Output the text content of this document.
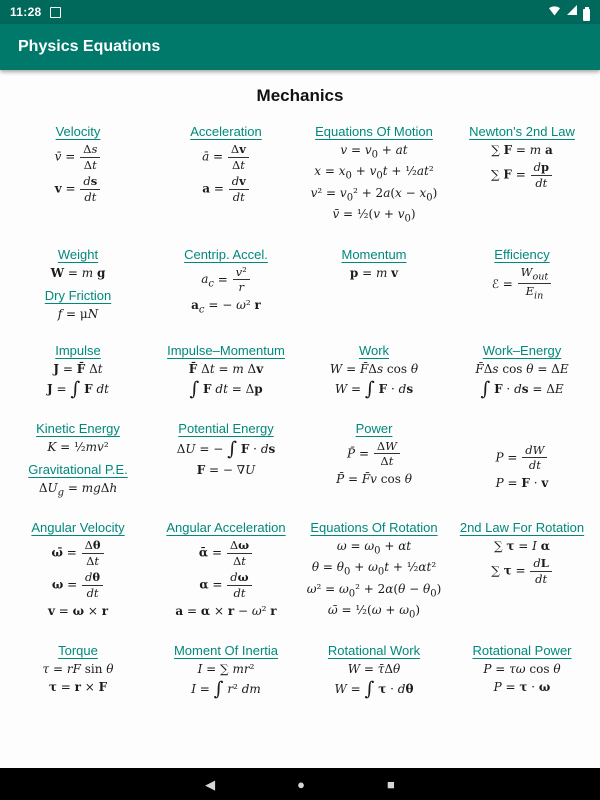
11:28
Physics Equations
Mechanics
Velocity
v̄ = $\frac{\Delta s}{\Delta t}$
$v = \frac{ds}{dt}$
Acceleration
ā = $\frac{\Delta v}{\Delta t}$
$a = \frac{dv}{dt}$
Equations Of Motion
$v = v_0$ + at
$x = x_0 + v_0t$ + ½at²
$v^2 = v_0^2 + 2a(x - x_0)$
v̄ = ½(v + $v_0$)
Newton's 2nd Law
∑ F = m a
∑ $F = \frac{dp}{dt}$
Weight
W = m g
Dry Friction
f = μN
Centrip. Accel.
$a_c = \frac{\text{v²}}{r}$
$a_c$ = − ω² r
Momentum
p = m v
Efficiency
ℰ =
$W_{out}$
$E_{in}$
Impulse
J = F̄ Δt
J = ∫ F dt
Impulse–Momentum
F̄ Δt = m Δv
∫ F dt = Δp
Work
W = F̄Δs cos θ
W = ∫ F · ds
Work–Energy
F̄Δs cos θ = ΔE
∫ F · ds = ΔE
Kinetic Energy
K = ½mv²
Gravitational P.E.
$\Delta U_g = mg\Delta h$
Potential Energy
ΔU = − ∫ F · ds
F = − ∇U
Power
P̄ = $\frac{\Delta W}{\Delta t}$
P̄ = F̄v cos θ
$P = \frac{dW}{dt}$
P = F · v
Angular Velocity
ω̄ = $\frac{\Delta\theta}{\Delta t}$
$\omega = \frac{d\theta}{dt}$
v = ω × r
Angular Acceleration
ᾱ = $\frac{\Delta\omega}{\Delta t}$
$\alpha = \frac{d\omega}{dt}$
a = α × r − ω² r
Equations Of Rotation
$\omega = \omega_0 + \alpha t$
$\theta = \theta_0 + \omega_0t$ + ½αt²
$\omega^2 = \omega_0^2 + 2\alpha(\theta - \theta_0)$
ω̄ = ½(ω + $\omega_0$)
2nd Law For Rotation
∑ τ = I α
∑ $\tau = \frac{dL}{dt}$
Torque
τ = rF sin θ
τ = r × F
Moment Of Inertia
I = ∑ mr²
I = ∫ r² dm
Rotational Work
W = τ̄Δθ
W = ∫ τ · dθ
Rotational Power
P = τω cos θ
P = τ · ω
◀	●	■
